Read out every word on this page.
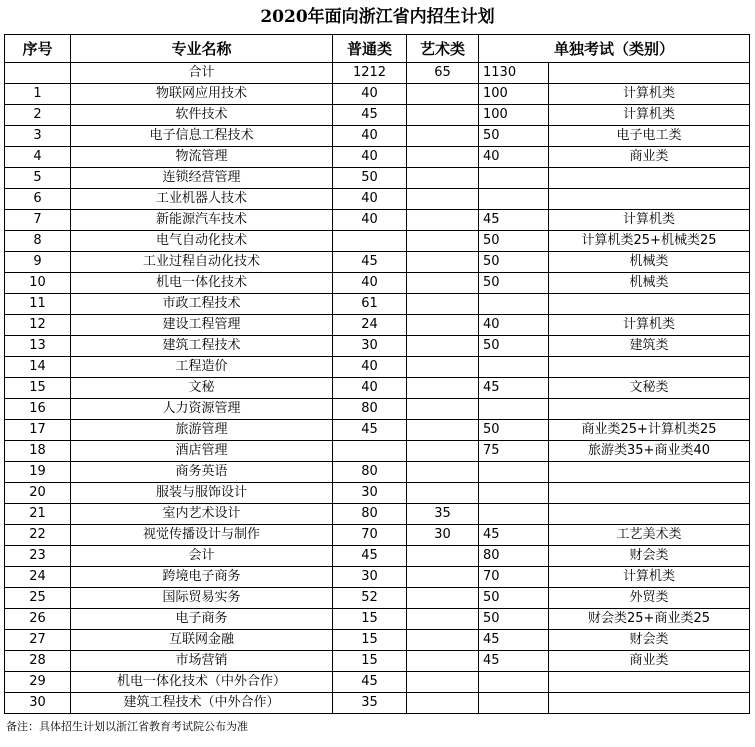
2020年面向浙江省内招生计划
序号	专业名称	普通类	艺术类	单独考试（类别）	
	合计	1212	65	1130	
1	物联网应用技术	40		100	计算机类
2	软件技术	45		100	计算机类
3	电子信息工程技术	40		50	电子电工类
4	物流管理	40		40	商业类
5	连锁经营管理	50			
6	工业机器人技术	40			
7	新能源汽车技术	40		45	计算机类
8	电气自动化技术			50	计算机类25+机械类25
9	工业过程自动化技术	45		50	机械类
10	机电一体化技术	40		50	机械类
11	市政工程技术	61			
12	建设工程管理	24		40	计算机类
13	建筑工程技术	30		50	建筑类
14	工程造价	40			
15	文秘	40		45	文秘类
16	人力资源管理	80			
17	旅游管理	45		50	商业类25+计算机类25
18	酒店管理			75	旅游类35+商业类40
19	商务英语	80			
20	服装与服饰设计	30			
21	室内艺术设计	80	35		
22	视觉传播设计与制作	70	30	45	工艺美术类
23	会计	45		80	财会类
24	跨境电子商务	30		70	计算机类
25	国际贸易实务	52		50	外贸类
26	电子商务	15		50	财会类25+商业类25
27	互联网金融	15		45	财会类
28	市场营销	15		45	商业类
29	机电一体化技术（中外合作）	45			
30	建筑工程技术（中外合作）	35			
备注：具体招生计划以浙江省教育考试院公布为准
